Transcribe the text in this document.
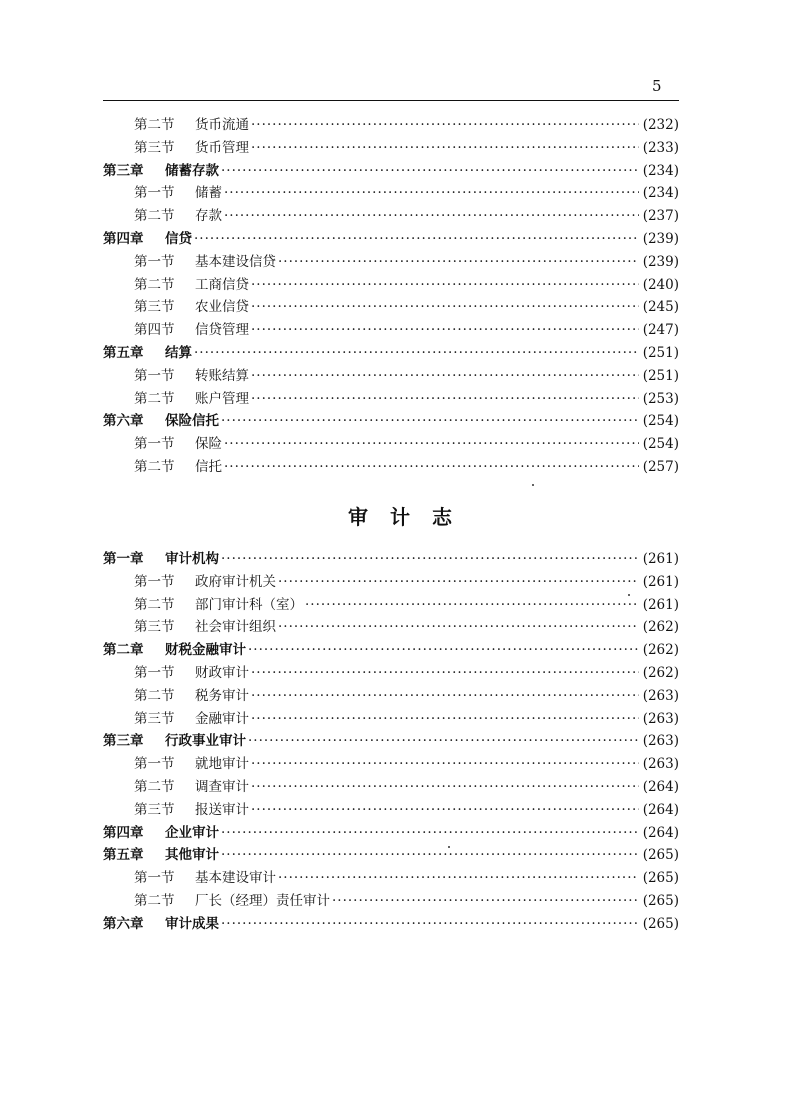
5
第二节	货币流通 ·····	(232)
第三节	货币管理 ·····	(233)
第三章	储蓄存款 ·····	(234)
第一节	储蓄 ·····	(234)
第二节	存款 ·····	(237)
第四章	信贷 ·····	(239)
第一节	基本建设信贷 ·····	(239)
第二节	工商信贷 ·····	(240)
第三节	农业信贷 ·····	(245)
第四节	信贷管理 ·····	(247)
第五章	结算 ·····	(251)
第一节	转账结算 ·····	(251)
第二节	账户管理 ·····	(253)
第六章	保险信托 ·····	(254)
第一节	保险 ·····	(254)
第二节	信托 ·····	(257)
审计志
第一章	审计机构 ·····	(261)
第一节	政府审计机关 ·····	(261)
第二节	部门审计科（室） ·····	(261)
第三节	社会审计组织 ·····	(262)
第二章	财税金融审计 ·····	(262)
第一节	财政审计 ·····	(262)
第二节	税务审计 ·····	(263)
第三节	金融审计 ·····	(263)
第三章	行政事业审计 ·····	(263)
第一节	就地审计 ·····	(263)
第二节	调查审计 ·····	(264)
第三节	报送审计 ·····	(264)
第四章	企业审计 ·····	(264)
第五章	其他审计 ·····	(265)
第一节	基本建设审计 ·····	(265)
第二节	厂长（经理）责任审计 ·····	(265)
第六章	审计成果 ·····	(265)
